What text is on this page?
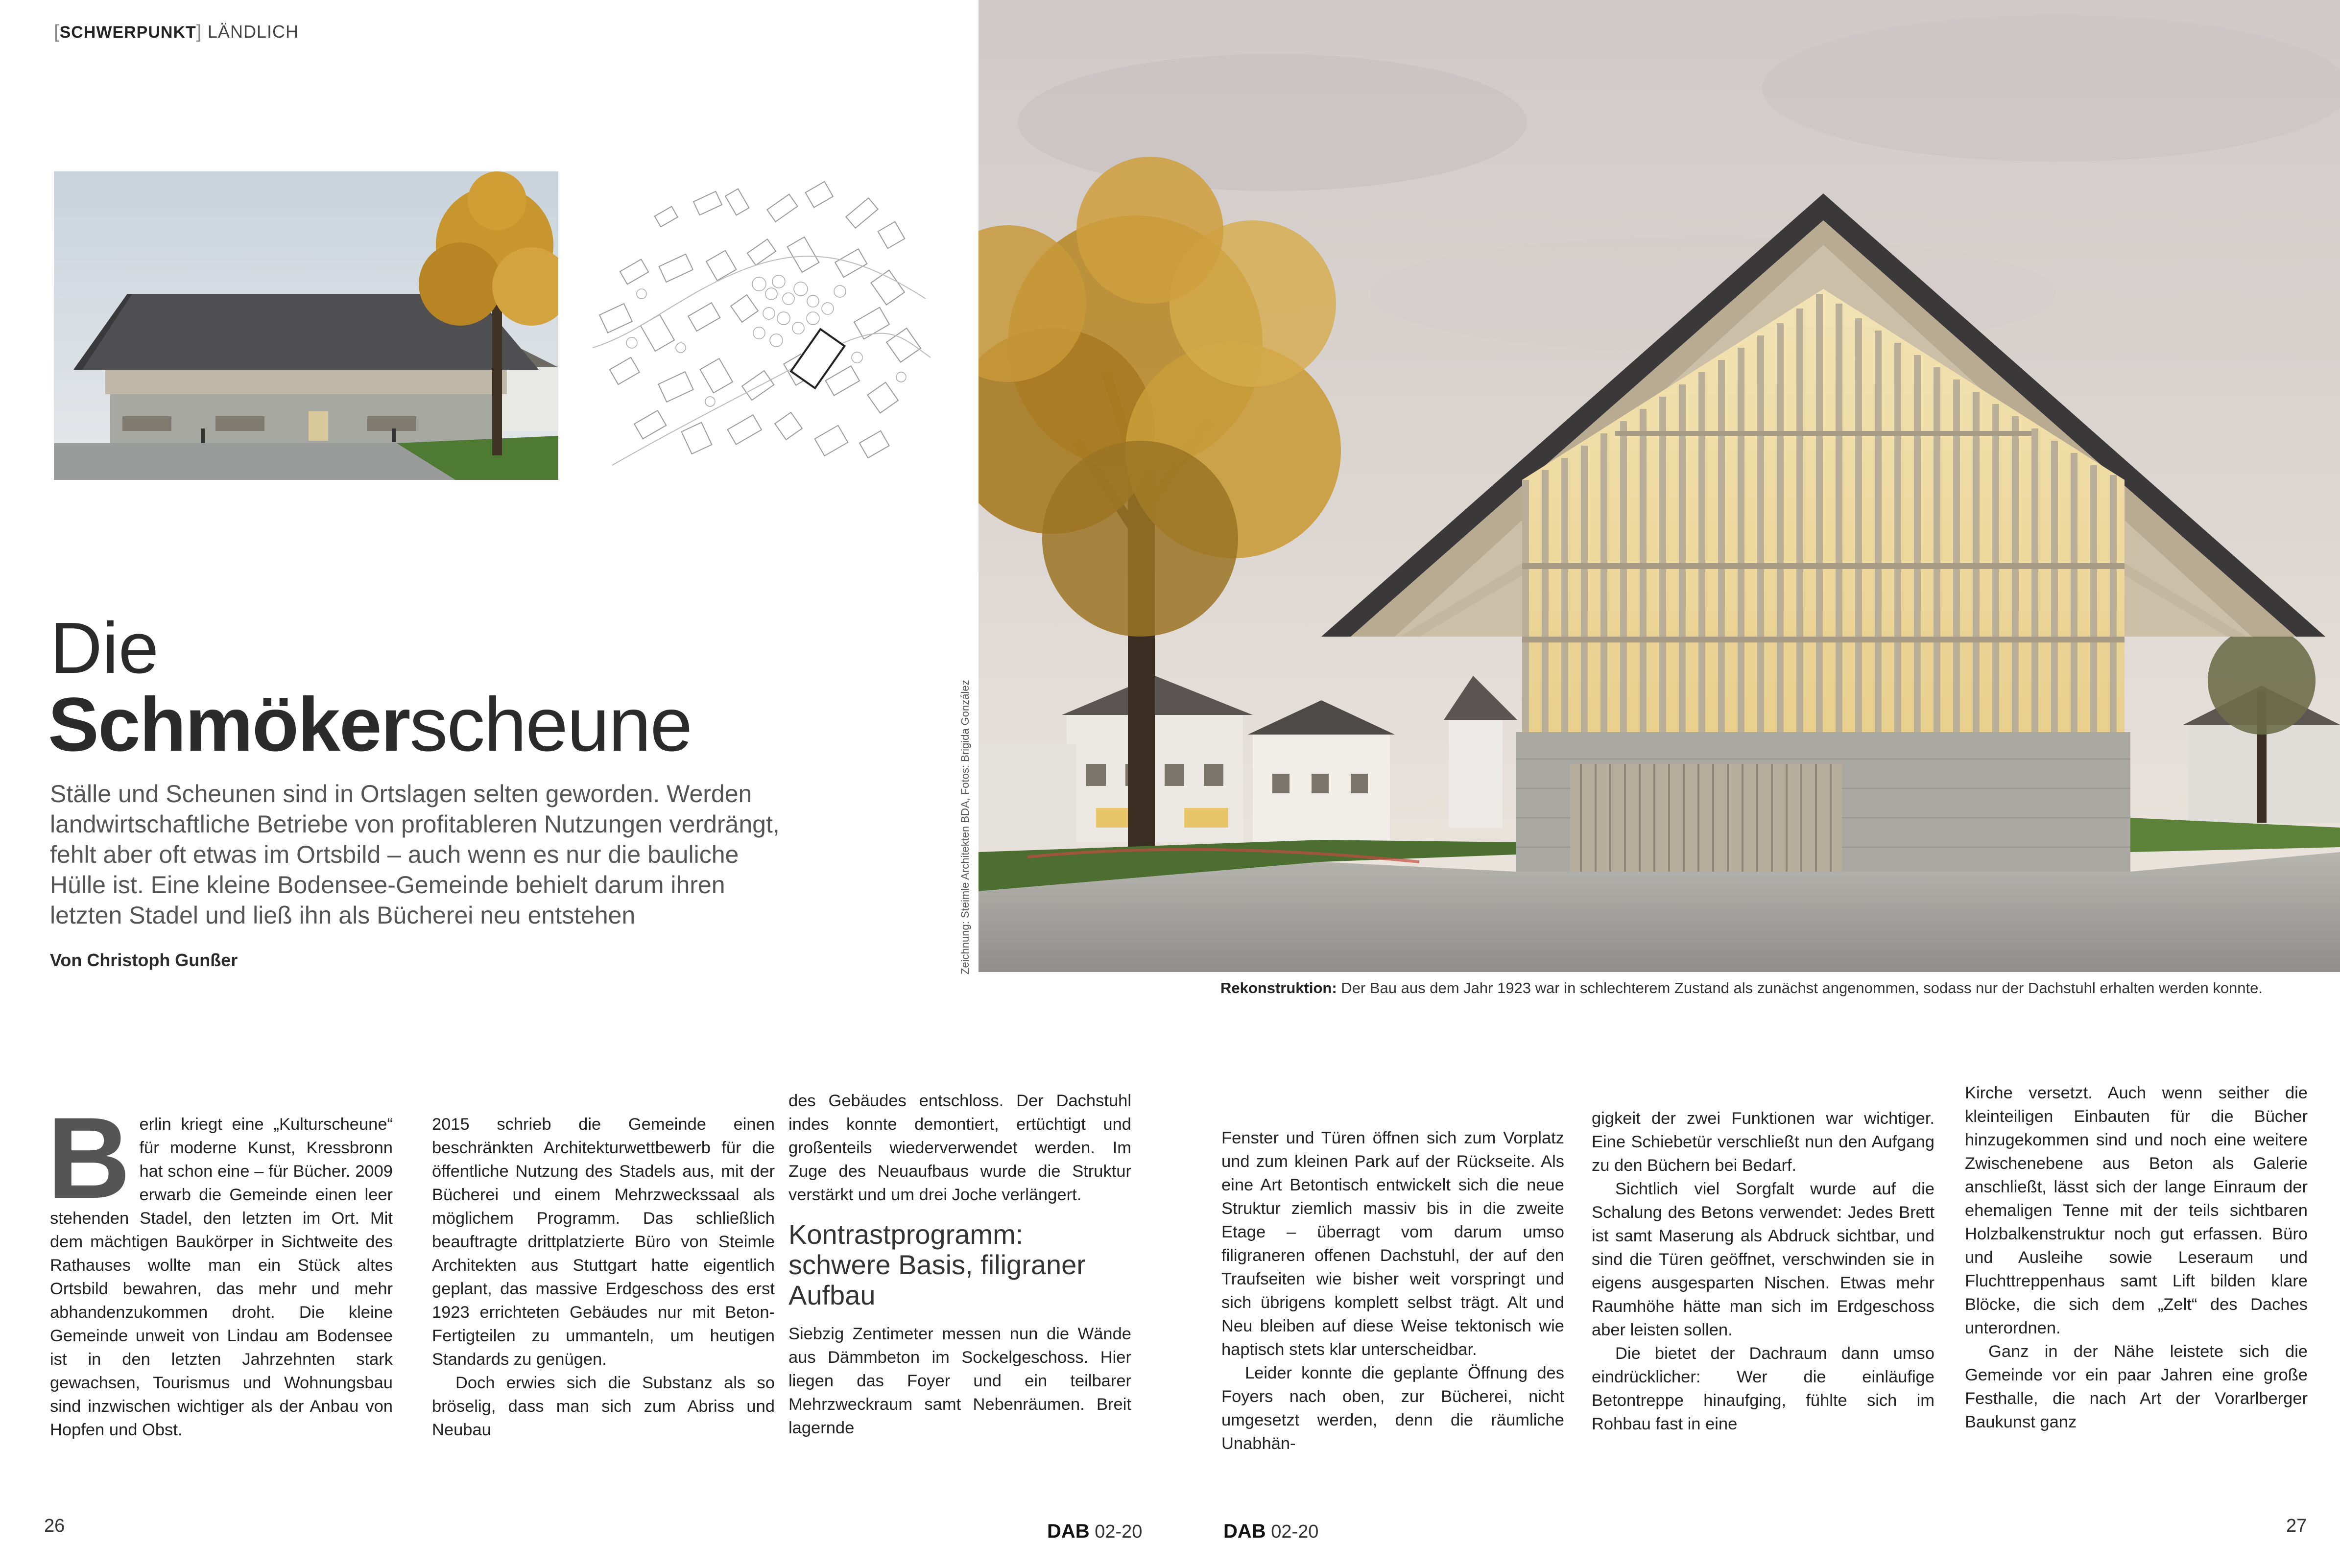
[SCHWERPUNKT] LÄNDLICH
Die
Schmökerscheune
Ställe und Scheunen sind in Ortslagen selten geworden. Werden landwirtschaftliche Betriebe von profitableren Nutzungen verdrängt, fehlt aber oft etwas im Ortsbild – auch wenn es nur die bauliche Hülle ist. Eine kleine Bodensee-Gemeinde behielt darum ihren letzten Stadel und ließ ihn als Bücherei neu entstehen
Von Christoph Gunßer	Zeichnung: Steimle Architekten BDA, Fotos: Brigida González
Rekonstruktion: Der Bau aus dem Jahr 1923 war in schlechterem Zustand als zunächst angenommen, sodass nur der Dachstuhl erhalten werden konnte.

Berlin kriegt eine „Kulturscheune“ für moderne Kunst, Kressbronn hat schon eine – für Bücher. 2009 erwarb die Gemeinde einen leer stehenden Stadel, den letzten im Ort. Mit dem mächtigen Baukörper in Sichtweite des Rathauses wollte man ein Stück altes Ortsbild bewahren, das mehr und mehr abhandenzukommen droht. Die kleine Gemeinde unweit von Lindau am Bodensee ist in den letzten Jahrzehnten stark gewachsen, Tourismus und Wohnungsbau sind inzwischen wichtiger als der Anbau von Hopfen und Obst.

2015 schrieb die Gemeinde einen beschränkten Architekturwettbewerb für die öffentliche Nutzung des Stadels aus, mit der Bücherei und einem Mehrzweckssaal als möglichem Programm. Das schließlich beauftragte drittplatzierte Büro von Steimle Architekten aus Stuttgart hatte eigentlich geplant, das massive Erdgeschoss des erst 1923 errichteten Gebäudes nur mit Beton-Fertigteilen zu ummanteln, um heutigen Standards zu genügen.

Doch erwies sich die Substanz als so bröselig, dass man sich zum Abriss und Neubau

des Gebäudes entschloss. Der Dachstuhl indes konnte demontiert, ertüchtigt und großenteils wiederverwendet werden. Im Zuge des Neuaufbaus wurde die Struktur verstärkt und um drei Joche verlängert.

Kontrastprogramm: schwere Basis, filigraner Aufbau

Siebzig Zentimeter messen nun die Wände aus Dämmbeton im Sockelgeschoss. Hier liegen das Foyer und ein teilbarer Mehrzweckraum samt Nebenräumen. Breit lagernde

Fenster und Türen öffnen sich zum Vorplatz und zum kleinen Park auf der Rückseite. Als eine Art Betontisch entwickelt sich die neue Struktur ziemlich massiv bis in die zweite Etage – überragt vom darum umso filigraneren offenen Dachstuhl, der auf den Traufseiten wie bisher weit vorspringt und sich übrigens komplett selbst trägt. Alt und Neu bleiben auf diese Weise tektonisch wie haptisch stets klar unterscheidbar.

Leider konnte die geplante Öffnung des Foyers nach oben, zur Bücherei, nicht umgesetzt werden, denn die räumliche Unabhän-

gigkeit der zwei Funktionen war wichtiger. Eine Schiebetür verschließt nun den Aufgang zu den Büchern bei Bedarf.

Sichtlich viel Sorgfalt wurde auf die Schalung des Betons verwendet: Jedes Brett ist samt Maserung als Abdruck sichtbar, und sind die Türen geöffnet, verschwinden sie in eigens ausgesparten Nischen. Etwas mehr Raumhöhe hätte man sich im Erdgeschoss aber leisten sollen.

Die bietet der Dachraum dann umso eindrücklicher: Wer die einläufige Betontreppe hinaufging, fühlte sich im Rohbau fast in eine

Kirche versetzt. Auch wenn seither die kleinteiligen Einbauten für die Bücher hinzugekommen sind und noch eine weitere Zwischenebene aus Beton als Galerie anschließt, lässt sich der lange Einraum der ehemaligen Tenne mit der teils sichtbaren Holzbalkenstruktur noch gut erfassen. Büro und Ausleihe sowie Leseraum und Fluchttreppenhaus samt Lift bilden klare Blöcke, die sich dem „Zelt“ des Daches unterordnen.

Ganz in der Nähe leistete sich die Gemeinde vor ein paar Jahren eine große Festhalle, die nach Art der Vorarlberger Baukunst ganz

26	DAB 02-20	DAB 02-20	27
